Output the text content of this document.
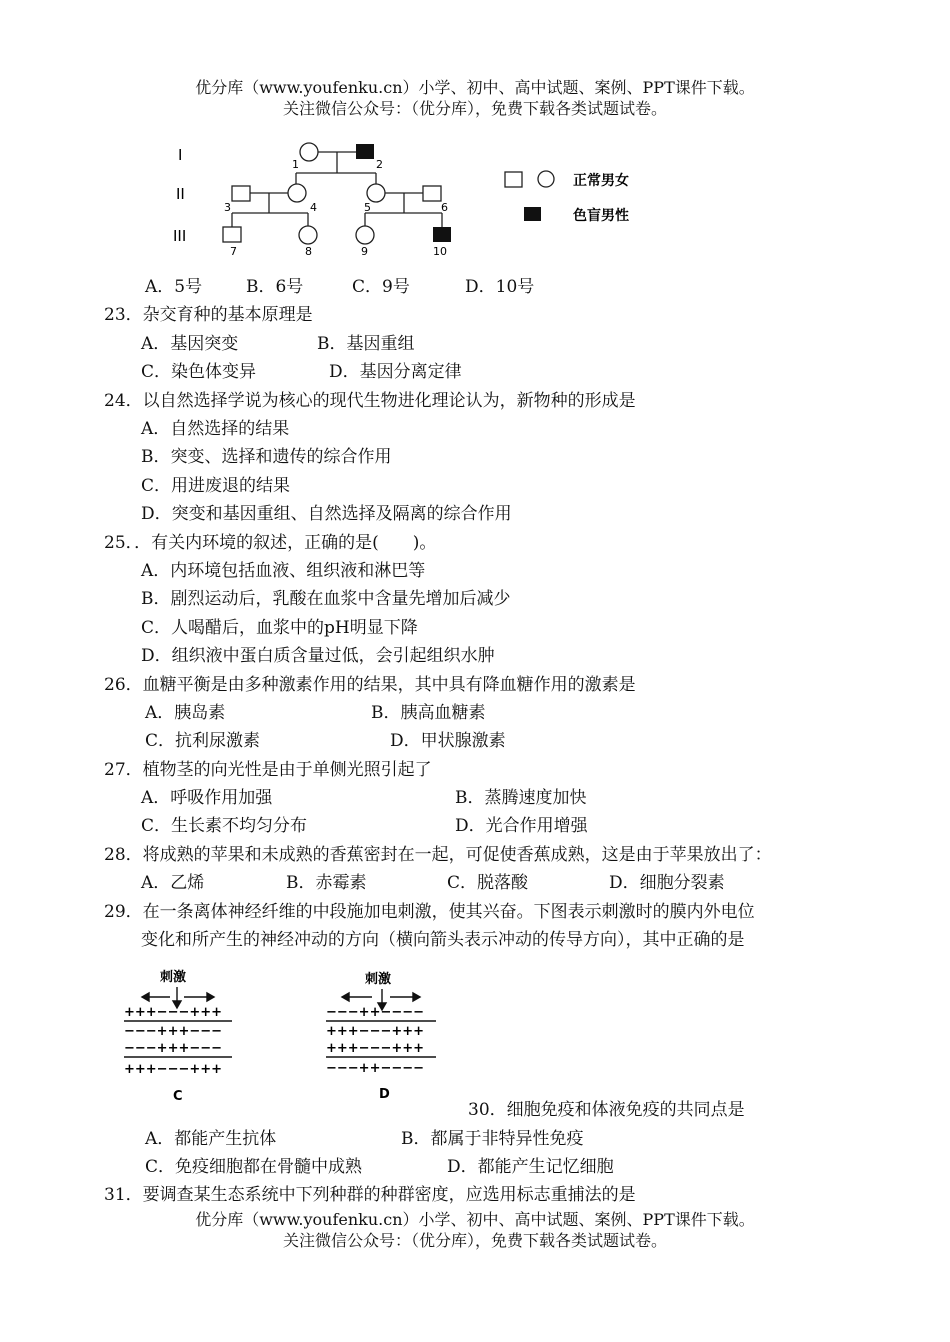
优分库（www.youfenku.cn）小学、初中、高中试题、案例、PPT课件下载。
关注微信公众号：（优分库），免费下载各类试题试卷。
I
II
III
1	2
3	4	5	6
7	8	9	10
正常男女
色盲男性
A．5号	B．6号	C．9号	D．10号
23．杂交育种的基本原理是
A．基因突变	B．基因重组
C．染色体变异	D．基因分离定律
24．以自然选择学说为核心的现代生物进化理论认为，新物种的形成是
A．自然选择的结果
B．突变、选择和遗传的综合作用
C．用进废退的结果
D．突变和基因重组、自然选择及隔离的综合作用
25．．有关内环境的叙述，正确的是(　　)。
A．内环境包括血液、组织液和淋巴等
B．剧烈运动后，乳酸在血浆中含量先增加后减少
C．人喝醋后，血浆中的pH明显下降
D．组织液中蛋白质含量过低，会引起组织水肿
26．血糖平衡是由多种激素作用的结果，其中具有降血糖作用的激素是
A．胰岛素	B．胰高血糖素
C．抗利尿激素	D．甲状腺激素
27．植物茎的向光性是由于单侧光照引起了
A．呼吸作用加强	B．蒸腾速度加快
C．生长素不均匀分布	D．光合作用增强
28．将成熟的苹果和未成熟的香蕉密封在一起，可促使香蕉成熟，这是由于苹果放出了：
A．乙烯	B．赤霉素	C．脱落酸	D．细胞分裂素
29．在一条离体神经纤维的中段施加电刺激，使其兴奋。下图表示刺激时的膜内外电位
变化和所产生的神经冲动的方向（横向箭头表示冲动的传导方向），其中正确的是
刺激
+++−−−+++
−−−+++−−−
−−−+++−−−
+++−−−+++
C
刺激
−−−++−−−−
+++−−−+++
+++−−−+++
−−−++−−−−
D
30．细胞免疫和体液免疫的共同点是
A．都能产生抗体	B．都属于非特异性免疫
C．免疫细胞都在骨髓中成熟	D．都能产生记忆细胞
31．要调查某生态系统中下列种群的种群密度，应选用标志重捕法的是
优分库（www.youfenku.cn）小学、初中、高中试题、案例、PPT课件下载。
关注微信公众号：（优分库），免费下载各类试题试卷。
